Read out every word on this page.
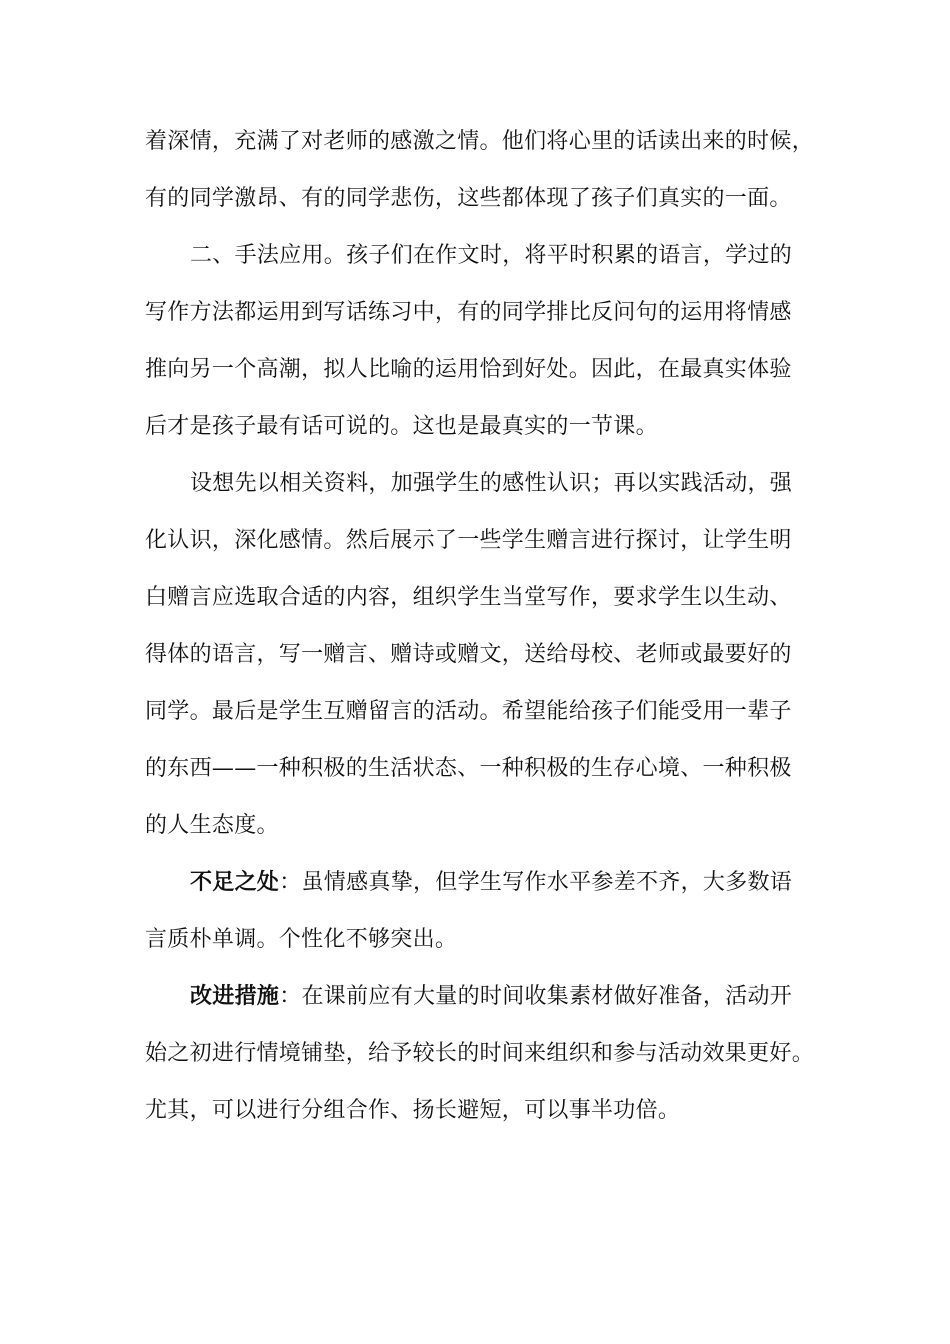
着深情，充满了对老师的感激之情。他们将心里的话读出来的时候，
有的同学激昂、有的同学悲伤，这些都体现了孩子们真实的一面。
二、手法应用。孩子们在作文时，将平时积累的语言，学过的
写作方法都运用到写话练习中，有的同学排比反问句的运用将情感
推向另一个高潮，拟人比喻的运用恰到好处。因此，在最真实体验
后才是孩子最有话可说的。这也是最真实的一节课。
设想先以相关资料，加强学生的感性认识；再以实践活动，强
化认识，深化感情。然后展示了一些学生赠言进行探讨，让学生明
白赠言应选取合适的内容，组织学生当堂写作，要求学生以生动、
得体的语言，写一赠言、赠诗或赠文，送给母校、老师或最要好的
同学。最后是学生互赠留言的活动。希望能给孩子们能受用一辈子
的东西——一种积极的生活状态、一种积极的生存心境、一种积极
的人生态度。
不足之处：虽情感真挚，但学生写作水平参差不齐，大多数语
言质朴单调。个性化不够突出。
改进措施：在课前应有大量的时间收集素材做好准备，活动开
始之初进行情境铺垫，给予较长的时间来组织和参与活动效果更好。
尤其，可以进行分组合作、扬长避短，可以事半功倍。
